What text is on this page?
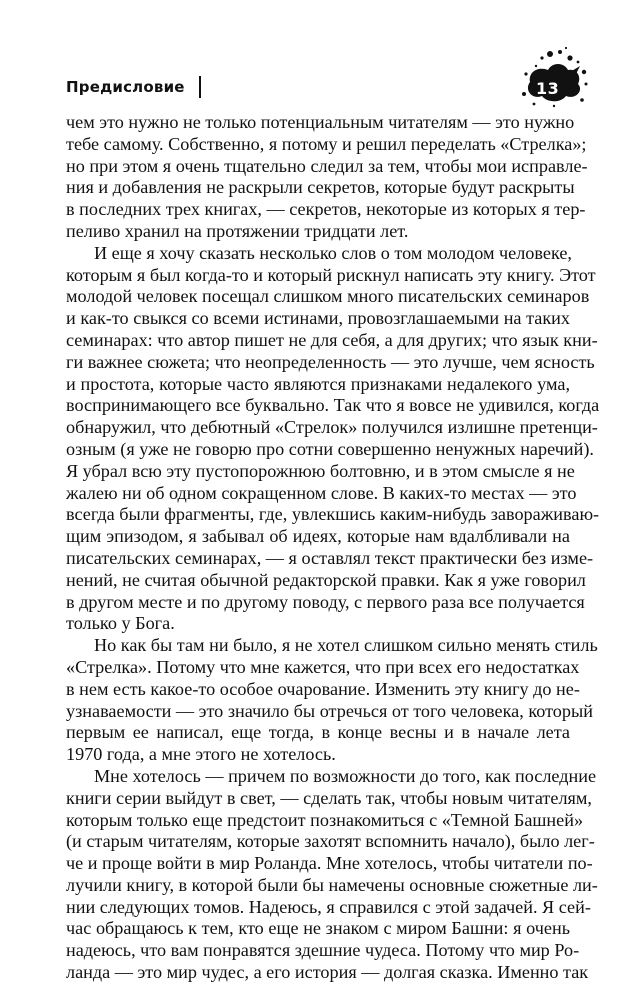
Предисловие	13
чем это нужно не только потенциальным читателям — это нужно
тебе самому. Собственно, я потому и решил переделать «Стрелка»;
но при этом я очень тщательно следил за тем, чтобы мои исправле-
ния и добавления не раскрыли секретов, которые будут раскрыты
в последних трех книгах, — секретов, некоторые из которых я тер-
пеливо хранил на протяжении тридцати лет.
И еще я хочу сказать несколько слов о том молодом человеке,
которым я был когда-то и который рискнул написать эту книгу. Этот
молодой человек посещал слишком много писательских семинаров
и как-то свыкся со всеми истинами, провозглашаемыми на таких
семинарах: что автор пишет не для себя, а для других; что язык кни-
ги важнее сюжета; что неопределенность — это лучше, чем ясность
и простота, которые часто являются признаками недалекого ума,
воспринимающего все буквально. Так что я вовсе не удивился, когда
обнаружил, что дебютный «Стрелок» получился излишне претенци-
озным (я уже не говорю про сотни совершенно ненужных наречий).
Я убрал всю эту пустопорожнюю болтовню, и в этом смысле я не
жалею ни об одном сокращенном слове. В каких-то местах — это
всегда были фрагменты, где, увлекшись каким-нибудь завораживаю-
щим эпизодом, я забывал об идеях, которые нам вдалбливали на
писательских семинарах, — я оставлял текст практически без изме-
нений, не считая обычной редакторской правки. Как я уже говорил
в другом месте и по другому поводу, с первого раза все получается
только у Бога.
Но как бы там ни было, я не хотел слишком сильно менять стиль
«Стрелка». Потому что мне кажется, что при всех его недостатках
в нем есть какое-то особое очарование. Изменить эту книгу до не-
узнаваемости — это значило бы отречься от того человека, который
первым ее написал, еще тогда, в конце весны и в начале лета
1970 года, а мне этого не хотелось.
Мне хотелось — причем по возможности до того, как последние
книги серии выйдут в свет, — сделать так, чтобы новым читателям,
которым только еще предстоит познакомиться с «Темной Башней»
(и старым читателям, которые захотят вспомнить начало), было лег-
че и проще войти в мир Роланда. Мне хотелось, чтобы читатели по-
лучили книгу, в которой были бы намечены основные сюжетные ли-
нии следующих томов. Надеюсь, я справился с этой задачей. Я сей-
час обращаюсь к тем, кто еще не знаком с миром Башни: я очень
надеюсь, что вам понравятся здешние чудеса. Потому что мир Ро-
ланда — это мир чудес, а его история — долгая сказка. Именно так
